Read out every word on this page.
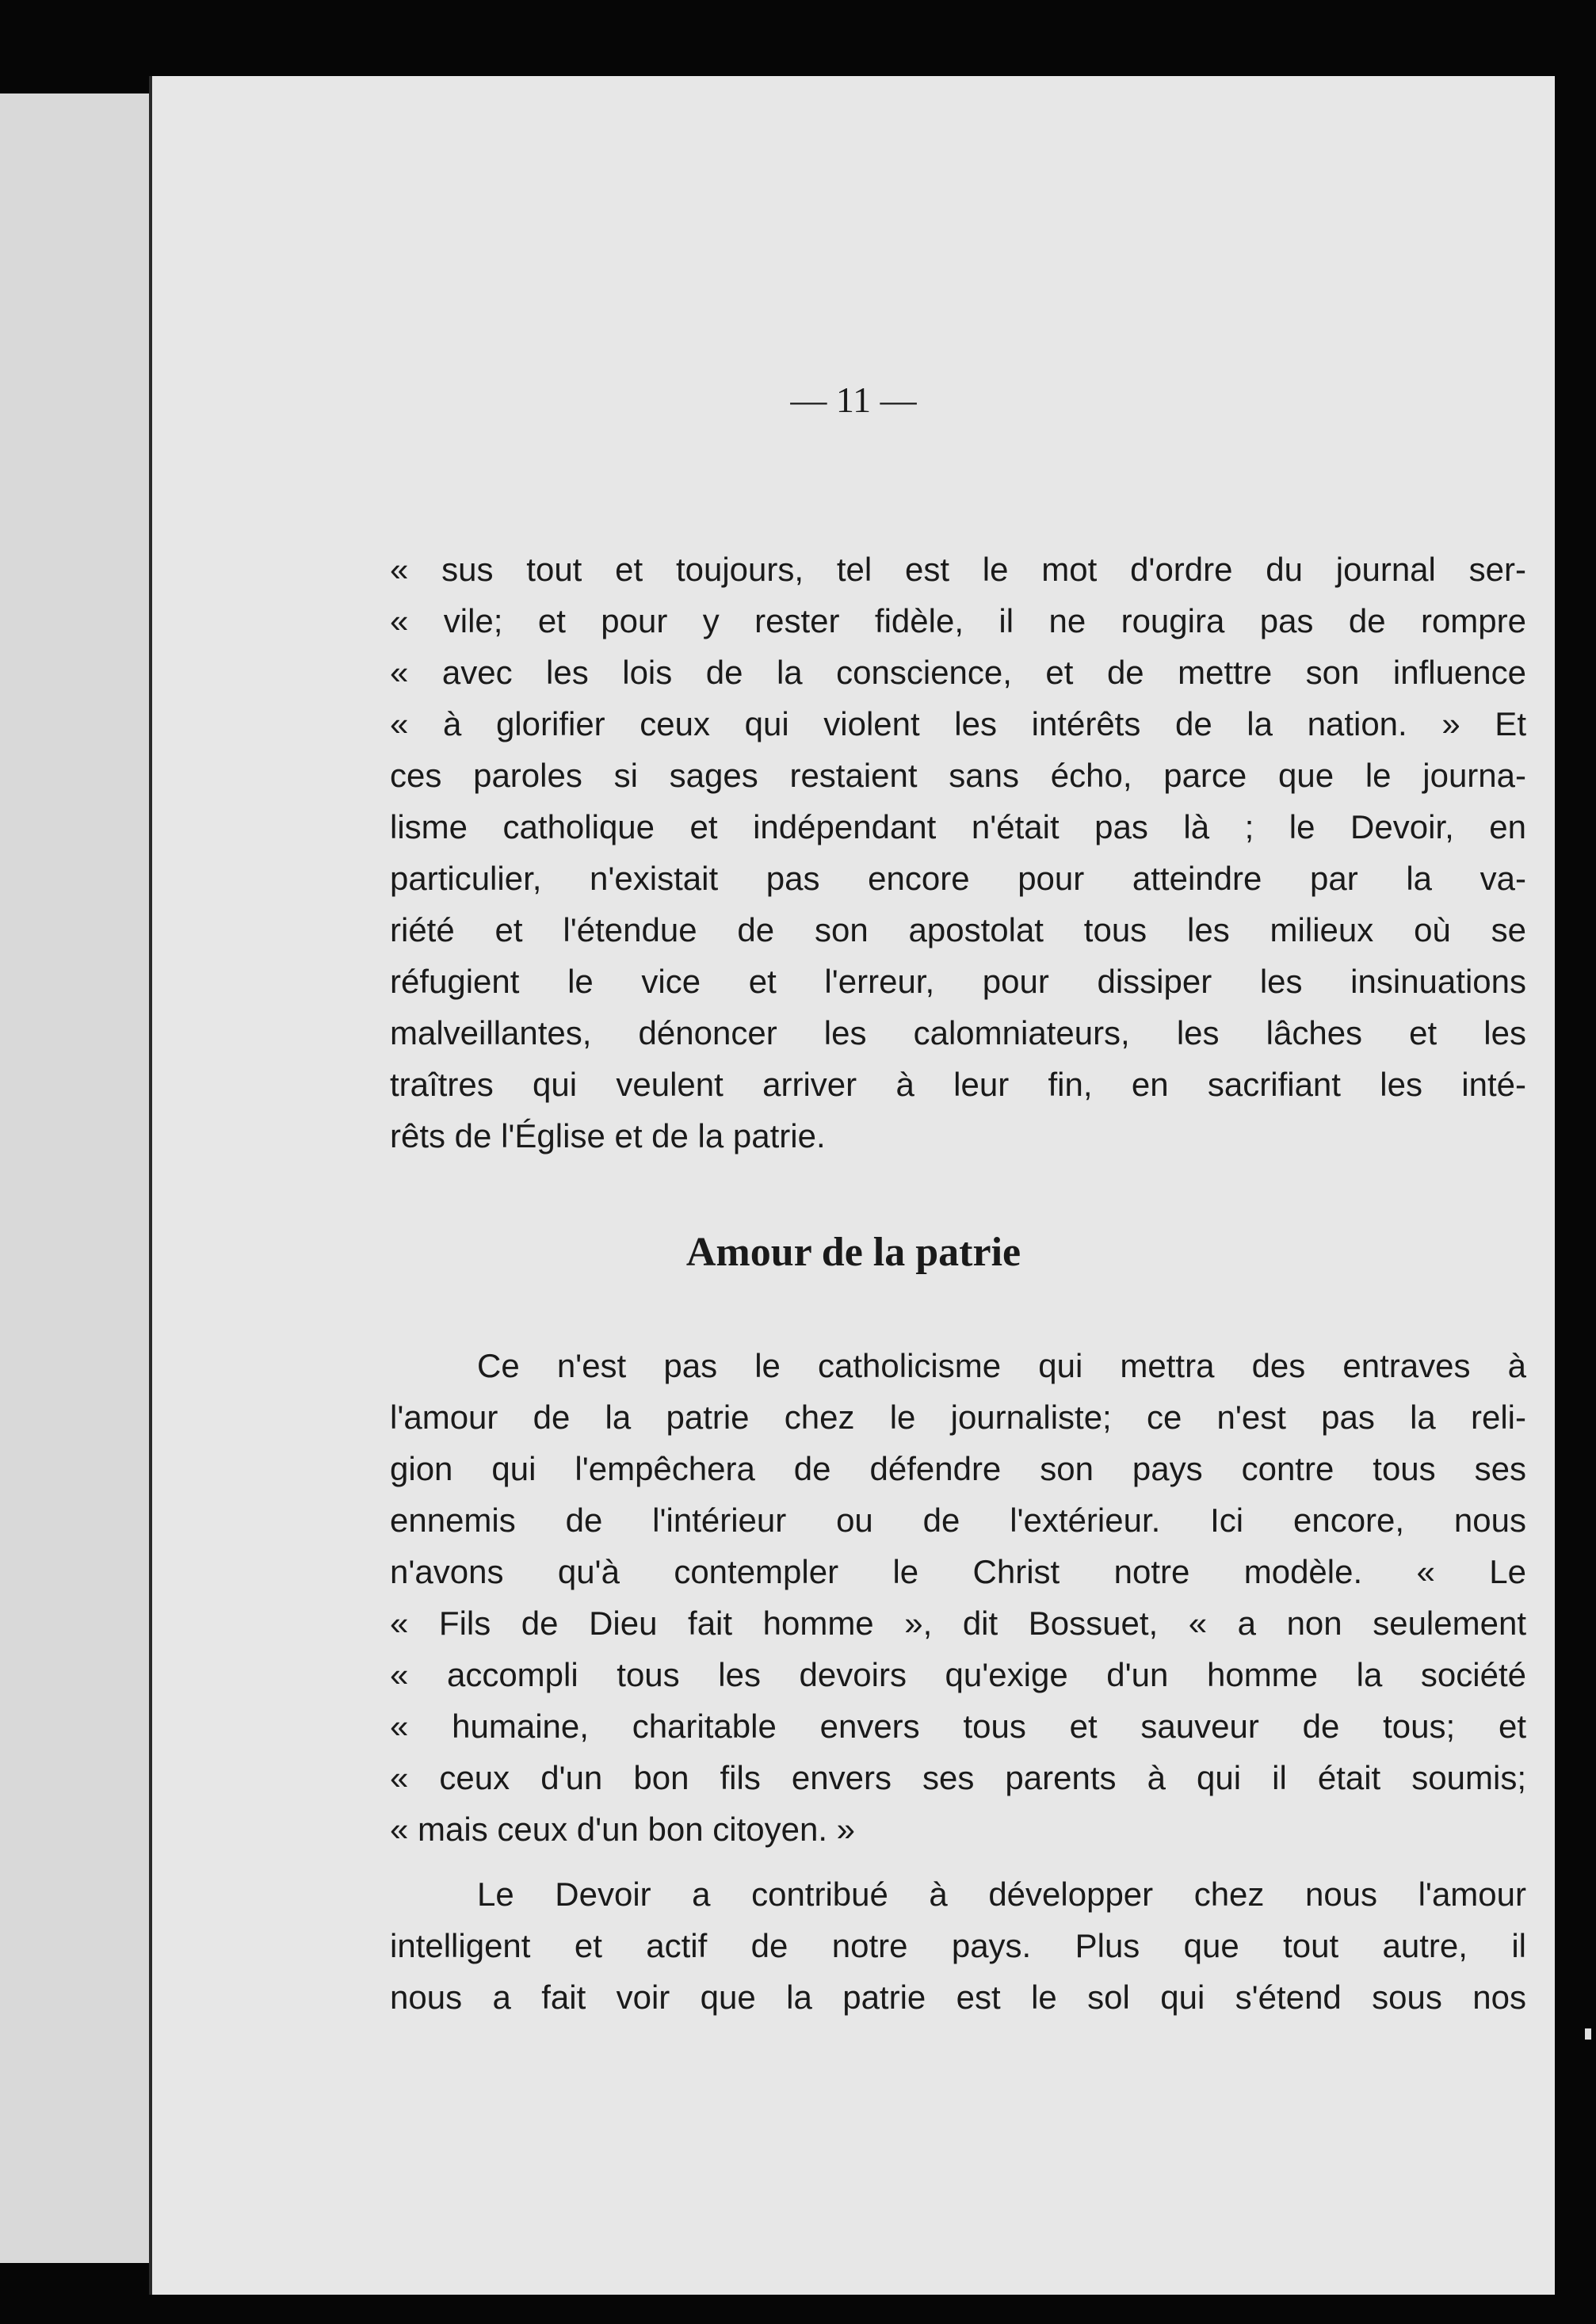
— 11 —
« sus tout et toujours, tel est le mot d'ordre du journal ser-
« vile; et pour y rester fidèle, il ne rougira pas de rompre
« avec les lois de la conscience, et de mettre son influence
« à glorifier ceux qui violent les intérêts de la nation. » Et
ces paroles si sages restaient sans écho, parce que le journa-
lisme catholique et indépendant n'était pas là ; le Devoir, en
particulier, n'existait pas encore pour atteindre par la va-
riété et l'étendue de son apostolat tous les milieux où se
réfugient le vice et l'erreur, pour dissiper les insinuations
malveillantes, dénoncer les calomniateurs, les lâches et les
traîtres qui veulent arriver à leur fin, en sacrifiant les inté-
rêts de l'Église et de la patrie.
Amour de la patrie
Ce n'est pas le catholicisme qui mettra des entraves à
l'amour de la patrie chez le journaliste; ce n'est pas la reli-
gion qui l'empêchera de défendre son pays contre tous ses
ennemis de l'intérieur ou de l'extérieur. Ici encore, nous
n'avons qu'à contempler le Christ notre modèle. « Le
« Fils de Dieu fait homme », dit Bossuet, « a non seulement
« accompli tous les devoirs qu'exige d'un homme la société
« humaine, charitable envers tous et sauveur de tous; et
« ceux d'un bon fils envers ses parents à qui il était soumis;
« mais ceux d'un bon citoyen. »
Le Devoir a contribué à développer chez nous l'amour
intelligent et actif de notre pays. Plus que tout autre, il
nous a fait voir que la patrie est le sol qui s'étend sous nos
